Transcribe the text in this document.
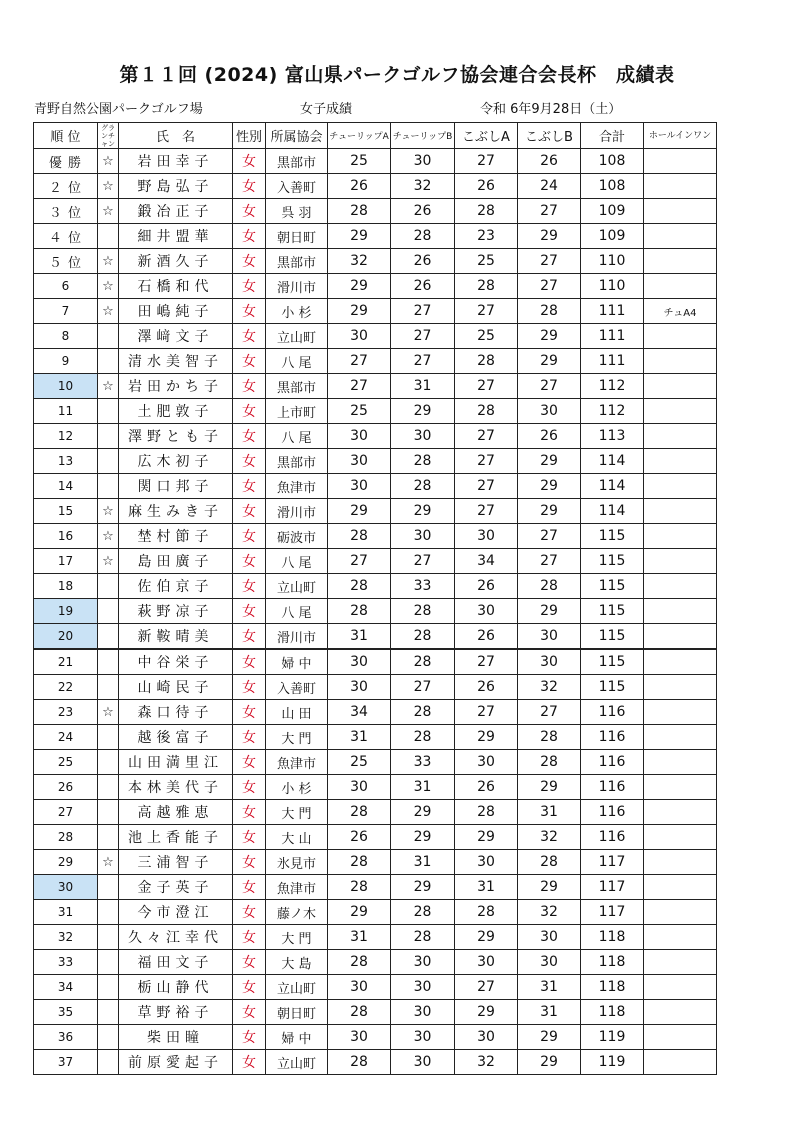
第１１回 (2024) 富山県パークゴルフ協会連合会長杯　成績表
青野自然公園パークゴルフ場	女子成績	令和 6年9月28日（土）
順 位	グランチャン	氏　名	性別	所属協会	チューリップA	チューリップB	こぶしA	こぶしB	合計	ホールインワン
優 勝	☆	岩田幸子	女	黒部市	25	30	27	26	108	
２ 位	☆	野島弘子	女	入善町	26	32	26	24	108	
３ 位	☆	鍛冶正子	女	呉 羽	28	26	28	27	109	
４ 位		細井盟華	女	朝日町	29	28	23	29	109	
５ 位	☆	新酒久子	女	黒部市	32	26	25	27	110	
6	☆	石橋和代	女	滑川市	29	26	28	27	110	
7	☆	田嶋純子	女	小 杉	29	27	27	28	111	チュA4
8		澤﨑文子	女	立山町	30	27	25	29	111	
9		清水美智子	女	八 尾	27	27	28	29	111	
10	☆	岩田かち子	女	黒部市	27	31	27	27	112	
11		土肥敦子	女	上市町	25	29	28	30	112	
12		澤野とも子	女	八 尾	30	30	27	26	113	
13		広木初子	女	黒部市	30	28	27	29	114	
14		関口邦子	女	魚津市	30	28	27	29	114	
15	☆	麻生みき子	女	滑川市	29	29	27	29	114	
16	☆	埜村節子	女	砺波市	28	30	30	27	115	
17	☆	島田廣子	女	八 尾	27	27	34	27	115	
18		佐伯京子	女	立山町	28	33	26	28	115	
19		萩野凉子	女	八 尾	28	28	30	29	115	
20		新鞍晴美	女	滑川市	31	28	26	30	115	
21		中谷栄子	女	婦 中	30	28	27	30	115	
22		山崎民子	女	入善町	30	27	26	32	115	
23	☆	森口待子	女	山 田	34	28	27	27	116	
24		越後富子	女	大 門	31	28	29	28	116	
25		山田満里江	女	魚津市	25	33	30	28	116	
26		本林美代子	女	小 杉	30	31	26	29	116	
27		高越雅恵	女	大 門	28	29	28	31	116	
28		池上香能子	女	大 山	26	29	29	32	116	
29	☆	三浦智子	女	氷見市	28	31	30	28	117	
30		金子英子	女	魚津市	28	29	31	29	117	
31		今市澄江	女	藤ノ木	29	28	28	32	117	
32		久々江幸代	女	大 門	31	28	29	30	118	
33		福田文子	女	大 島	28	30	30	30	118	
34		栃山静代	女	立山町	30	30	27	31	118	
35		草野裕子	女	朝日町	28	30	29	31	118	
36		柴田瞳	女	婦 中	30	30	30	29	119	
37		前原愛起子	女	立山町	28	30	32	29	119	
